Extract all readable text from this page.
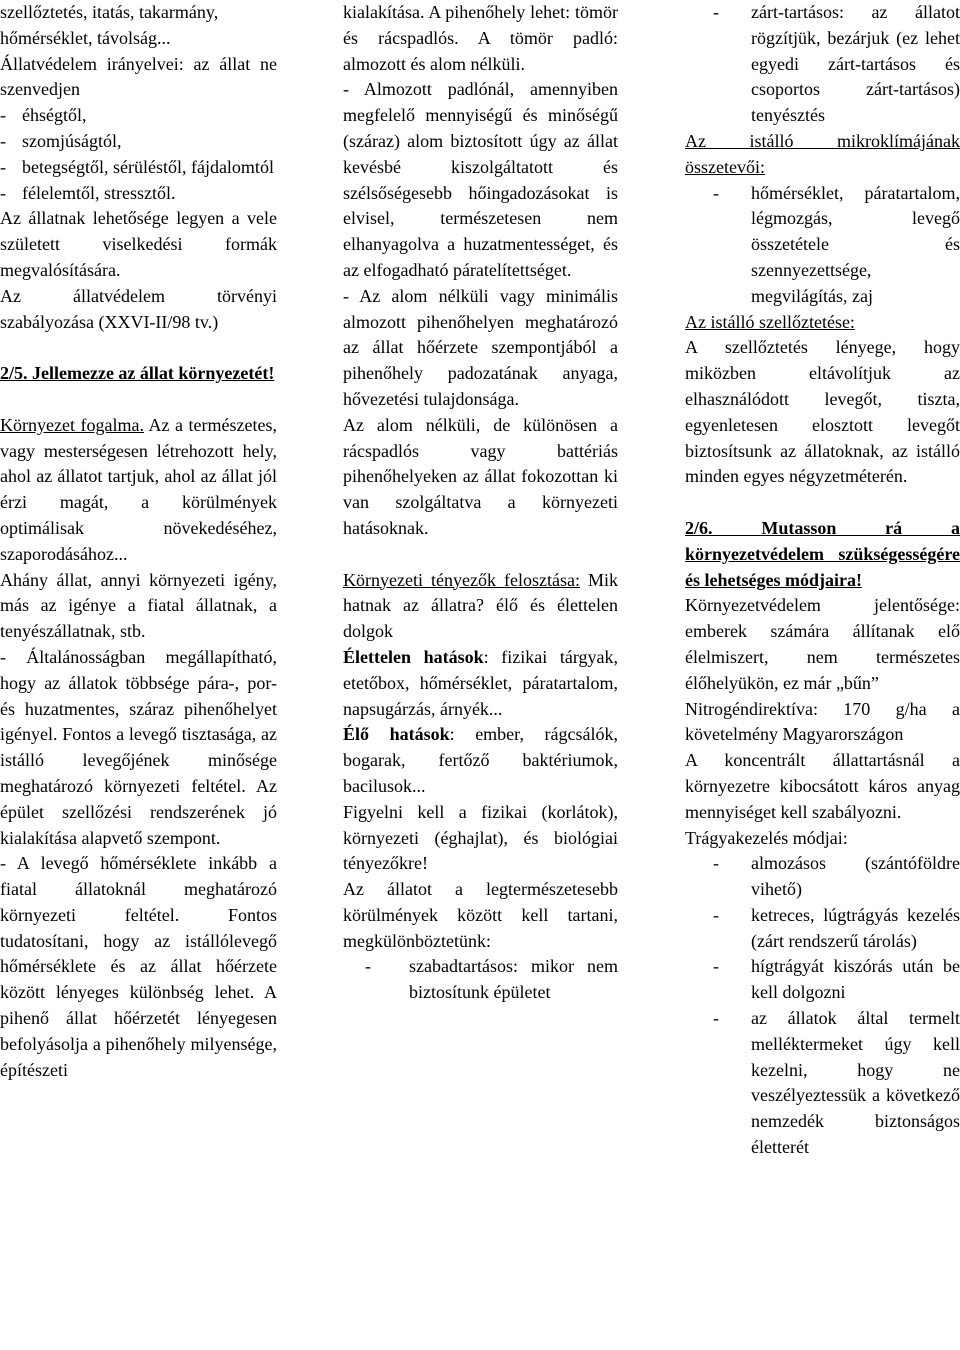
szellőztetés, itatás, takarmány,

hőmérséklet, távolság...

Állatvédelem irányelvei: az állat ne szenvedjen

- éhségtől,
- szomjúságtól,
- betegségtől, sérüléstől, fájdalomtól
- félelemtől, stressztől.

Az állatnak lehetősége legyen a vele született viselkedési formák megvalósítására.

Az állatvédelem törvényi szabályozása (XXVI-II/98 tv.)

2/5. Jellemezze az állat környezetét!

Környezet fogalma. Az a természetes, vagy mesterségesen létrehozott hely, ahol az állatot tartjuk, ahol az állat jól érzi magát, a körülmények optimálisak növekedéséhez, szaporodásához...

Ahány állat, annyi környezeti igény, más az igénye a fiatal állatnak, a tenyészállatnak, stb.

- Általánosságban megállapítható, hogy az állatok többsége pára-, por- és huzatmentes, száraz pihenőhelyet igényel. Fontos a levegő tisztasága, az istálló levegőjének minősége meghatározó környezeti feltétel. Az épület szellőzési rendszerének jó kialakítása alapvető szempont.

- A levegő hőmérséklete inkább a fiatal állatoknál meghatározó környezeti feltétel. Fontos tudatosítani, hogy az istállólevegő hőmérséklete és az állat hőérzete között lényeges különbség lehet. A pihenő állat hőérzetét lényegesen befolyásolja a pihenőhely milyensége, építészeti

kialakítása. A pihenőhely lehet: tömör és rácspadlós. A tömör padló: almozott és alom nélküli.

- Almozott padlónál, amennyiben megfelelő mennyiségű és minőségű (száraz) alom biztosított úgy az állat kevésbé kiszolgáltatott és szélsőségesebb hőingadozásokat is elvisel, természetesen nem elhanyagolva a huzatmentességet, és az elfogadható páratelítettséget.

- Az alom nélküli vagy minimális almozott pihenőhelyen meghatározó az állat hőérzete szempontjából a pihenőhely padozatának anyaga, hővezetési tulajdonsága.

Az alom nélküli, de különösen a rácspadlós vagy battériás pihenőhelyeken az állat fokozottan ki van szolgáltatva a környezeti hatásoknak.

Környezeti tényezők felosztása: Mik hatnak az állatra? élő és élettelen dolgok

Élettelen hatások: fizikai tárgyak, etetőbox, hőmérséklet, páratartalom, napsugárzás, árnyék...

Élő hatások: ember, rágcsálók, bogarak, fertőző baktériumok, bacilusok...

Figyelni kell a fizikai (korlátok), környezeti (éghajlat), és biológiai tényezőkre!

Az állatot a legtermészetesebb körülmények között kell tartani, megkülönböztetünk:

- szabadtartásos: mikor nem biztosítunk épületet

- zárt-tartásos: az állatot rögzítjük, bezárjuk (ez lehet egyedi zárt-tartásos és csoportos zárt-tartásos) tenyésztés

Az istálló mikroklímájának összetevői:

- hőmérséklet, páratartalom, légmozgás, levegő összetétele és szennyezettsége, megvilágítás, zaj

Az istálló szellőztetése:

A szellőztetés lényege, hogy miközben eltávolítjuk az elhasználódott levegőt, tiszta, egyenletesen elosztott levegőt biztosítsunk az állatoknak, az istálló minden egyes négyzetméterén.

2/6. Mutasson rá a környezetvédelem szükségességére és lehetséges módjaira!

Környezetvédelem jelentősége: emberek számára állítanak elő élelmiszert, nem természetes élőhelyükön, ez már „bűn”

Nitrogéndirektíva: 170 g/ha a követelmény Magyarországon

A koncentrált állattartásnál a környezetre kibocsátott káros anyag mennyiséget kell szabályozni.

Trágyakezelés módjai:

- almozásos (szántóföldre vihető)

- ketreces, lúgtrágyás kezelés (zárt rendszerű tárolás)

- hígtrágyát kiszórás után be kell dolgozni

- az állatok által termelt melléktermeket úgy kell kezelni, hogy ne veszélyeztessük a következő nemzedék biztonságos életterét
